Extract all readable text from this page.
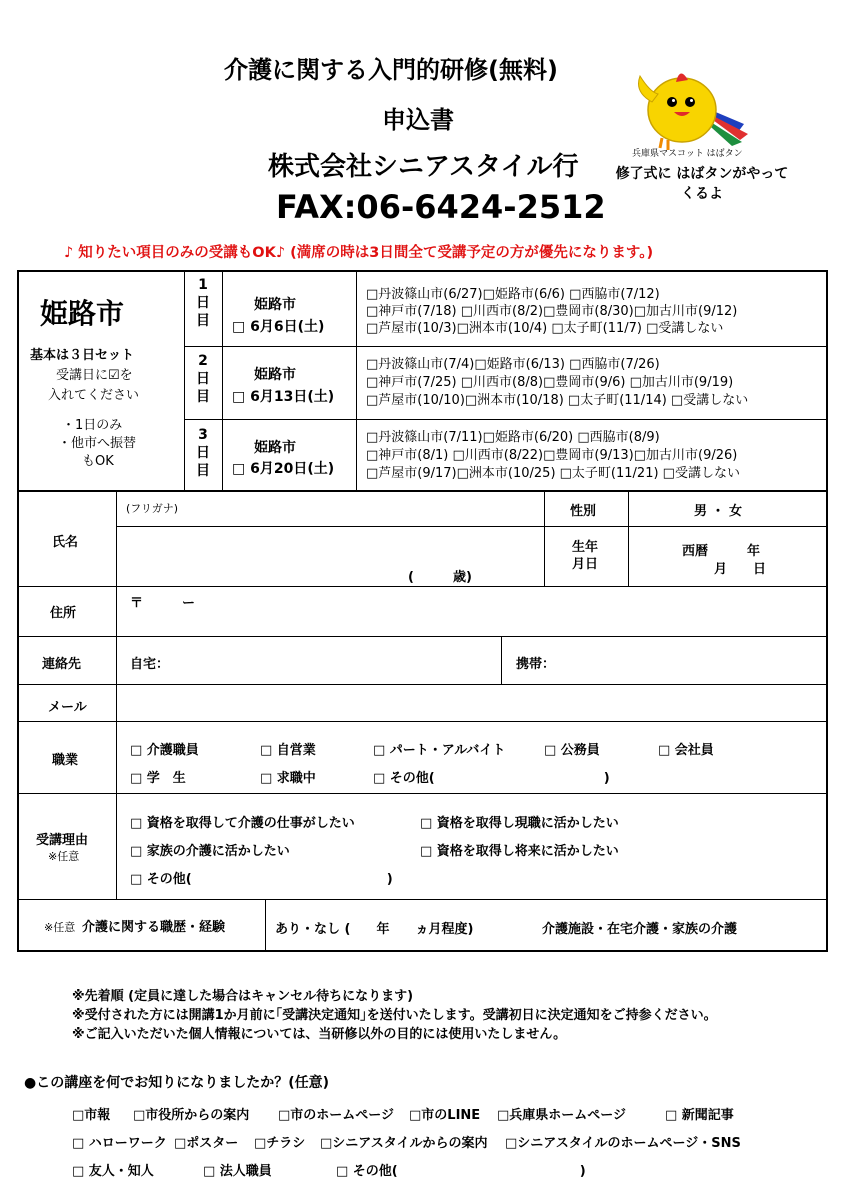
介護に関する入門的研修(無料)
申込書
株式会社シニアスタイル行
FAX:06-6424-2512
兵庫県マスコット はばタン
修了式に はばタンがやってくるよ
♪ 知りたい項目のみの受講もOK♪ (満席の時は3日間全て受講予定の方が優先になります。)
姫路市
基本は３日セット
受講日に☑を
入れてください
・1日のみ
・他市へ振替
もOK
1 日 目
姫路市
□ 6月6日(土)
□丹波篠山市(6/27)□姫路市(6/6) □西脇市(7/12)
□神戸市(7/18) □川西市(8/2)□豊岡市(8/30)□加古川市(9/12)
□芦屋市(10/3)□洲本市(10/4) □太子町(11/7) □受講しない
2 日 目
姫路市
□ 6月13日(土)
□丹波篠山市(7/4)□姫路市(6/13) □西脇市(7/26)
□神戸市(7/25) □川西市(8/8)□豊岡市(9/6) □加古川市(9/19)
□芦屋市(10/10)□洲本市(10/18) □太子町(11/14) □受講しない
3 日 目
姫路市
□ 6月20日(土)
□丹波篠山市(7/11)□姫路市(6/20) □西脇市(8/9)
□神戸市(8/1) □川西市(8/22)□豊岡市(9/13)□加古川市(9/26)
□芦屋市(9/17)□洲本市(10/25) □太子町(11/21) □受講しない
氏名
(フリガナ)
(　　　歳)
性別	男 ・ 女
生年
月日
西暦　　　年
月　　日
住所
〒　　　ー
連絡先	自宅：	携帯：
メール
職業
□ 介護職員	□ 自営業	□ パート・アルバイト	□ 公務員	□ 会社員
□ 学　生	□ 求職中	□ その他(　　　　　　　　　　　　　)
受講理由
※任意
□ 資格を取得して介護の仕事がしたい	□ 資格を取得し現職に活かしたい
□ 家族の介護に活かしたい	□ 資格を取得し将来に活かしたい
□ その他(　　　　　　　　　　　　　　　)
※任意 介護に関する職歴・経験	あり・なし (　　年　　ヵ月程度)	介護施設・在宅介護・家族の介護
※先着順 (定員に達した場合はキャンセル待ちになります)
※受付された方には開講1か月前に｢受講決定通知｣を送付いたします。受講初日に決定通知をご持参ください。
※ご記入いただいた個人情報については、当研修以外の目的には使用いたしません。
●この講座を何でお知りになりましたか？(任意)
□市報 □市役所からの案内 □市のホームページ □市のLINE □兵庫県ホームページ	□ 新聞記事
□ ハローワーク □ポスター □チラシ □シニアスタイルからの案内 □シニアスタイルのホームページ・SNS
□ 友人・知人	□ 法人職員	□ その他(　　　　　　　　　　　　　　)
